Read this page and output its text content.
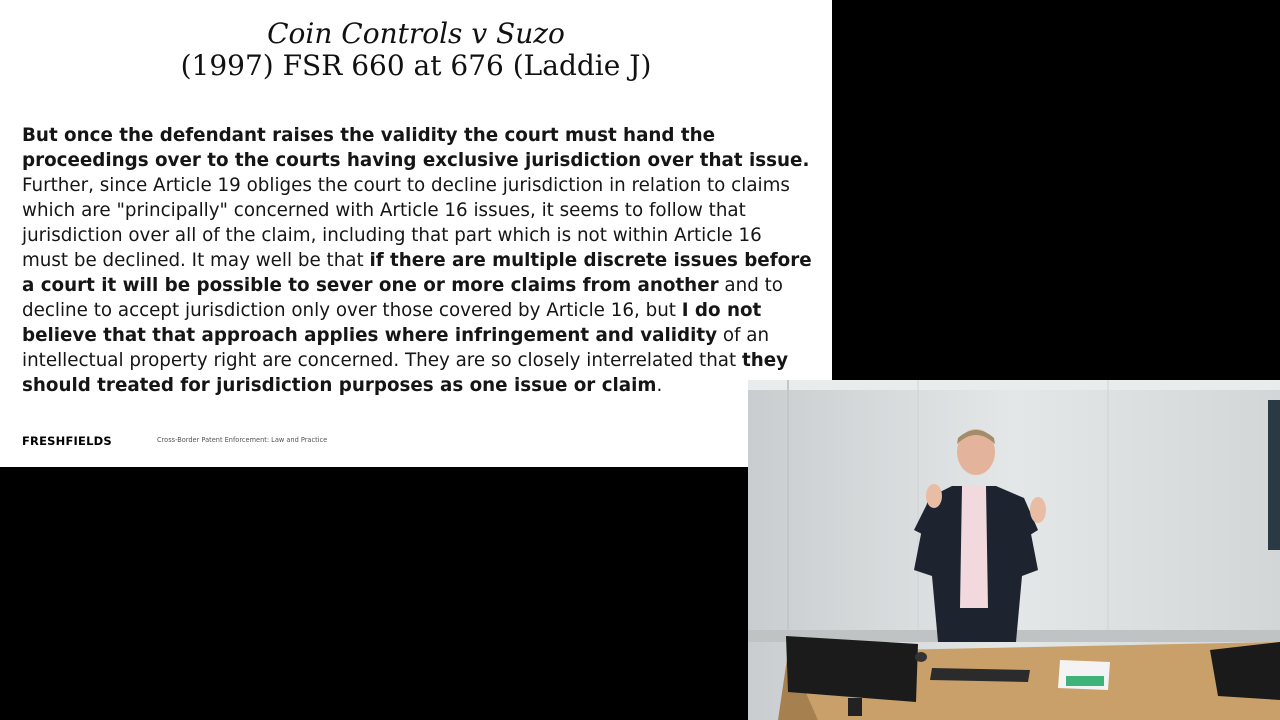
Coin Controls v Suzo
(1997) FSR 660 at 676 (Laddie J)
But once the defendant raises the validity the court must hand the proceedings over to the courts having exclusive jurisdiction over that issue. Further, since Article 19 obliges the court to decline jurisdiction in relation to claims which are "principally" concerned with Article 16 issues, it seems to follow that jurisdiction over all of the claim, including that part which is not within Article 16 must be declined. It may well be that if there are multiple discrete issues before a court it will be possible to sever one or more claims from another and to decline to accept jurisdiction only over those covered by Article 16, but I do not believe that that approach applies where infringement and validity of an intellectual property right are concerned. They are so closely interrelated that they should treated for jurisdiction purposes as one issue or claim.
FRESHFIELDS	Cross-Border Patent Enforcement: Law and Practice
